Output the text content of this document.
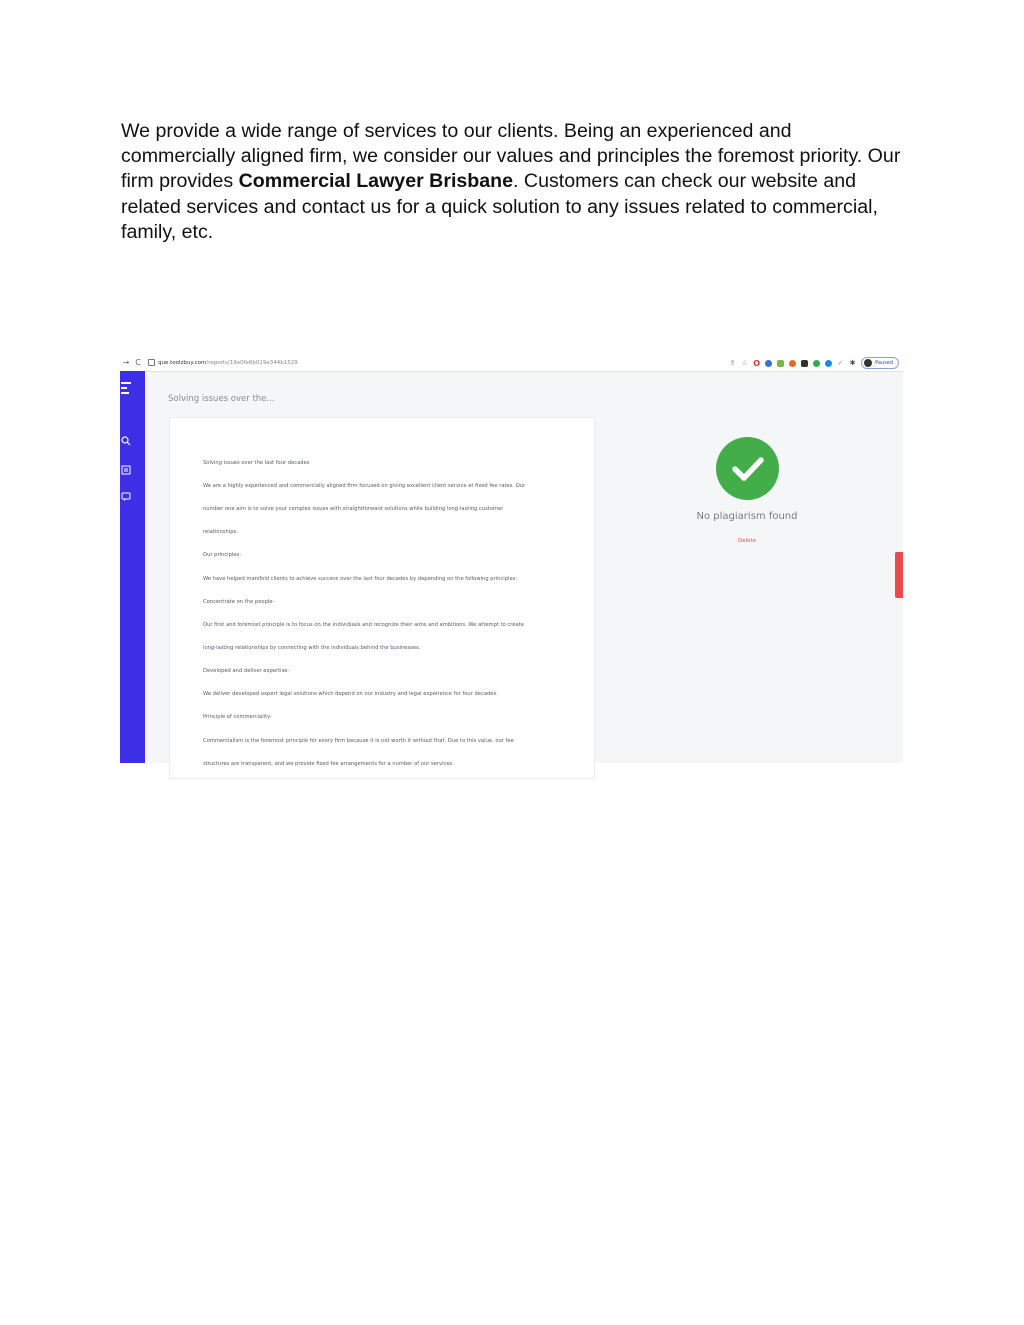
We provide a wide range of services to our clients. Being an experienced and commercially aligned firm, we consider our values and principles the foremost priority. Our firm provides Commercial Lawyer Brisbane. Customers can check our website and related services and contact us for a quick solution to any issues related to commercial, family, etc.

→ C	que.toolzbuy.com/reports/19e0fe6b019e344b1529	⇪ ☆ O	✓ ✱	Paused
Solving issues over the...
Solving issues over the last four decades
We are a highly experienced and commercially aligned firm focused on giving excellent client service at fixed fee rates. Our
number one aim is to solve your complex issues with straightforward solutions while building long-lasting customer
relationships.
Our principles:
We have helped manifold clients to achieve success over the last four decades by depending on the following principles:
Concentrate on the people-
Our first and foremost principle is to focus on the individuals and recognize their aims and ambitions. We attempt to create
long-lasting relationships by connecting with the individuals behind the businesses.
Developed and deliver expertise-
We deliver developed expert legal solutions which depend on our industry and legal experience for four decades.
Principle of commerciality-
Commercialism is the foremost principle for every firm because it is not worth it without that. Due to this value, our fee
structures are transparent, and we provide fixed fee arrangements for a number of our services.
No plagiarism found
Delete
